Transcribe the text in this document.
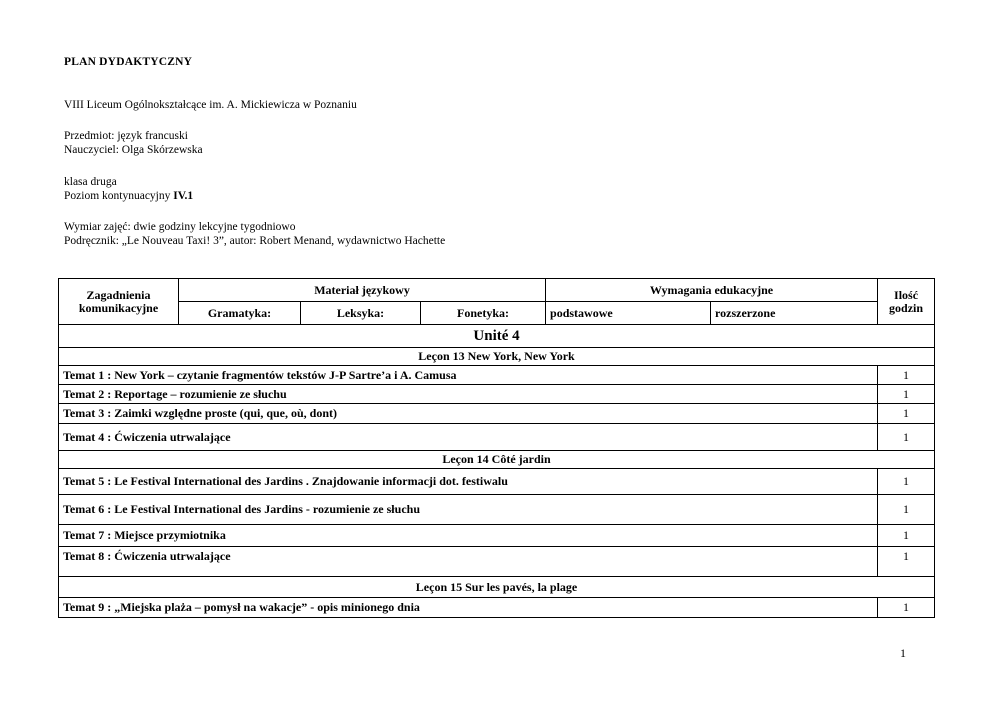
PLAN DYDAKTYCZNY
VIII Liceum Ogólnokształcące im. A. Mickiewicza w Poznaniu
Przedmiot: język francuski
Nauczyciel: Olga Skórzewska
klasa druga
Poziom kontynuacyjny IV.1
Wymiar zajęć: dwie godziny lekcyjne tygodniowo
Podręcznik: „Le Nouveau Taxi! 3”, autor: Robert Menand, wydawnictwo Hachette
Zagadnienia komunikacyjne	Materiał językowy			Wymagania edukacyjne		Ilość godzin
	Gramatyka:	Leksyka:	Fonetyka:	podstawowe	rozszerzone	
Unité 4						
Leçon 13 New York, New York						
Temat 1 : New York – czytanie fragmentów tekstów J-P Sartre’a i A. Camusa						1
Temat 2 : Reportage – rozumienie ze słuchu						1
Temat 3 : Zaimki względne proste (qui, que, où, dont)						1
Temat 4 : Ćwiczenia utrwalające						1
Leçon 14 Côté jardin						
Temat 5 : Le Festival International des Jardins . Znajdowanie informacji dot. festiwalu						1
Temat 6 : Le Festival International des Jardins - rozumienie ze słuchu						1
Temat 7 : Miejsce przymiotnika						1
Temat 8 : Ćwiczenia utrwalające						1
Leçon 15 Sur les pavés, la plage						
Temat 9 : „Miejska plaża – pomysł na wakacje” - opis minionego dnia						1
1
